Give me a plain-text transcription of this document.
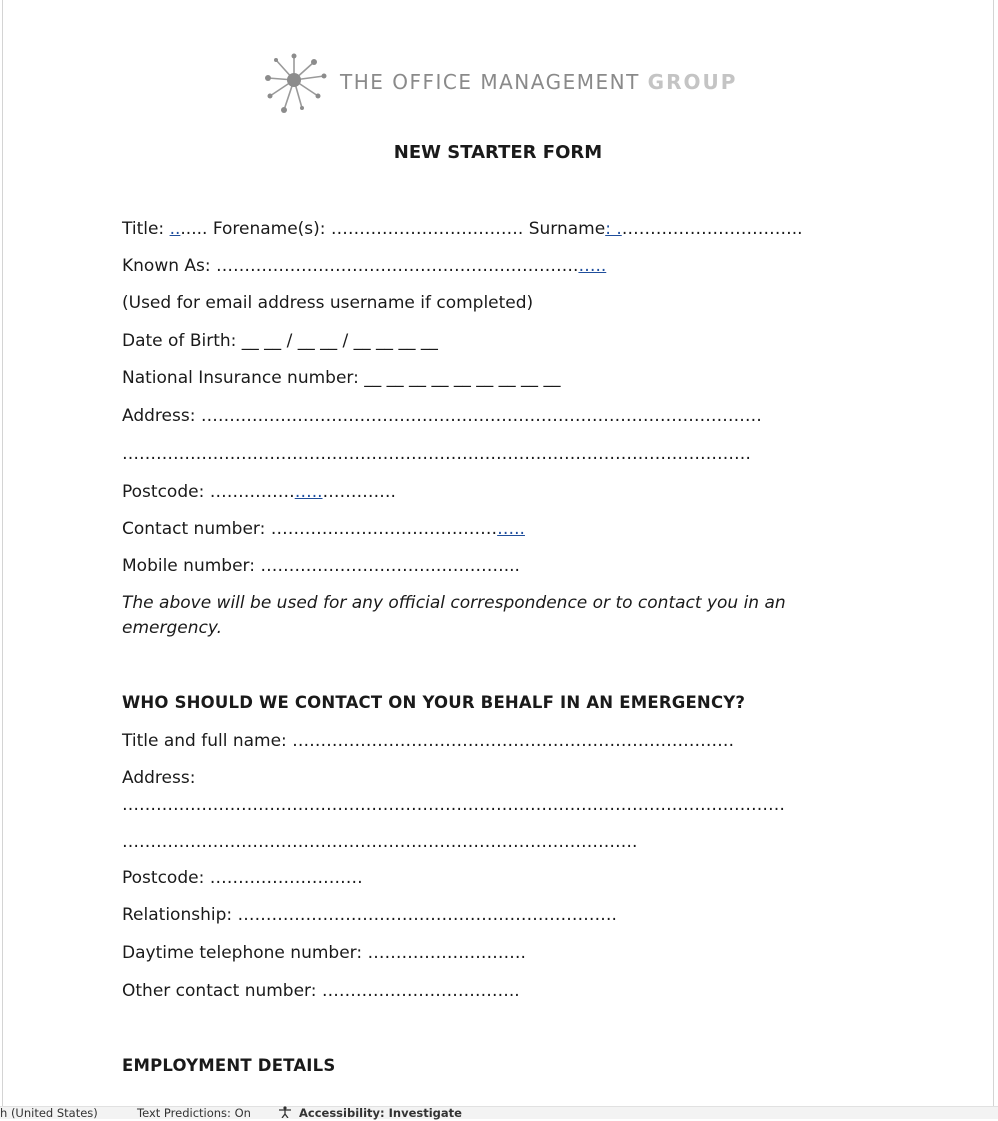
THE OFFICE MANAGEMENT GROUP
NEW STARTER FORM
Title: ....... Forename(s): ……………………………. Surname: .…………………………..
Known As: ……………………………………………………….…..
(Used for email address username if completed)
Date of Birth: __ __ / __ __ / __ __ __ __
National Insurance number: __ __ __ __ __ __ __ __ __
Address: ………………………………………………………………………………………
…………………………………………………………………………………………………
Postcode: ………………..………….
Contact number: ………….…………………………..
Mobile number: ………………………….…………...
The above will be used for any official correspondence or to contact you in an emergency.
WHO SHOULD WE CONTACT ON YOUR BEHALF IN AN EMERGENCY?
Title and full name: ……………………………………………………………………
Address:
………………………………………………………………………………………………………
……………………………………………………………………………….
Postcode: ………………………
Relationship: ………………………………………………………….
Daytime telephone number: ……………………….
Other contact number: ……………………………..
EMPLOYMENT DETAILS
h (United States)	Text Predictions: On	Accessibility: Investigate
